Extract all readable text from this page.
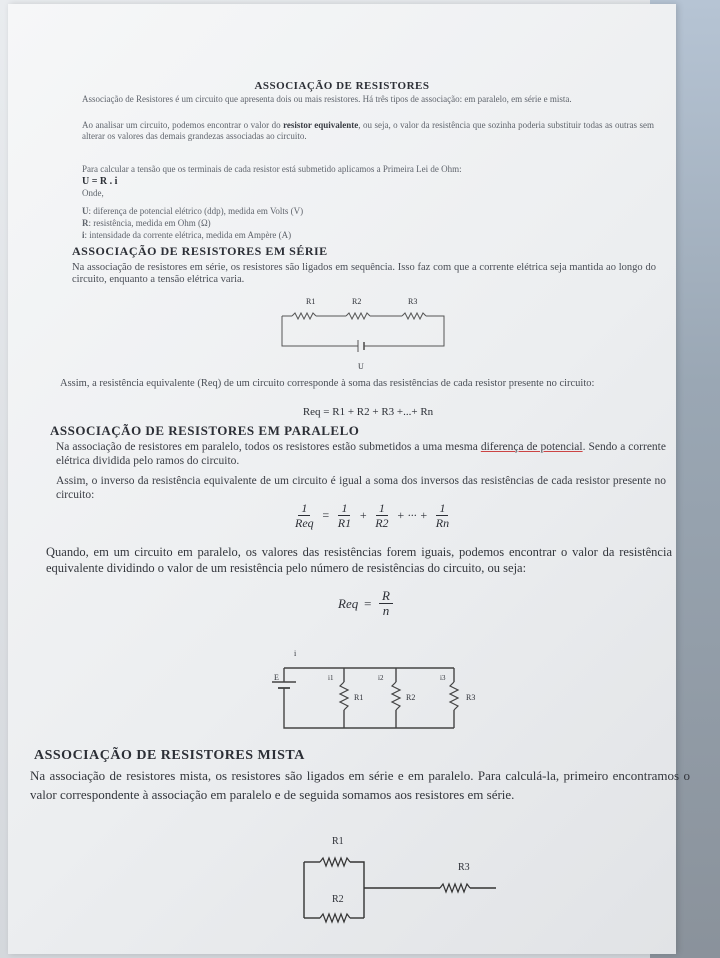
ASSOCIAÇÃO DE RESISTORES
Associação de Resistores é um circuito que apresenta dois ou mais resistores. Há três tipos de associação: em paralelo, em série e mista.
Ao analisar um circuito, podemos encontrar o valor do resistor equivalente, ou seja, o valor da resistência que sozinha poderia substituir todas as outras sem alterar os valores das demais grandezas associadas ao circuito.
Para calcular a tensão que os terminais de cada resistor está submetido aplicamos a Primeira Lei de Ohm:
U = R . i
Onde,
U: diferença de potencial elétrico (ddp), medida em Volts (V)
R: resistência, medida em Ohm (Ω)
i: intensidade da corrente elétrica, medida em Ampère (A)
ASSOCIAÇÃO DE RESISTORES EM SÉRIE
Na associação de resistores em série, os resistores são ligados em sequência. Isso faz com que a corrente elétrica seja mantida ao longo do circuito, enquanto a tensão elétrica varia.
R1	R2	R3
U
Assim, a resistência equivalente (Req) de um circuito corresponde à soma das resistências de cada resistor presente no circuito:
Req = R1 + R2 + R3 +...+ Rn
ASSOCIAÇÃO DE RESISTORES EM PARALELO
Na associação de resistores em paralelo, todos os resistores estão submetidos a uma mesma diferença de potencial. Sendo a corrente elétrica dividida pelo ramos do circuito.
Assim, o inverso da resistência equivalente de um circuito é igual a soma dos inversos das resistências de cada resistor presente no circuito:
$\frac{1}{\text{Req}} = \frac{1}{R1} + \frac{1}{R2}$ + ··· + $\frac{1}{Rn}$
Quando, em um circuito em paralelo, os valores das resistências forem iguais, podemos encontrar o valor da resistência equivalente dividindo o valor de um resistência pelo número de resistências do circuito, ou seja:
Req = $\frac{R}{n}$
i
E	i1
R1
i2
R2
i3
R3
ASSOCIAÇÃO DE RESISTORES MISTA
Na associação de resistores mista, os resistores são ligados em série e em paralelo. Para calculá-la, primeiro encontramos o valor correspondente à associação em paralelo e de seguida somamos aos resistores em série.
R1
R3
R2
